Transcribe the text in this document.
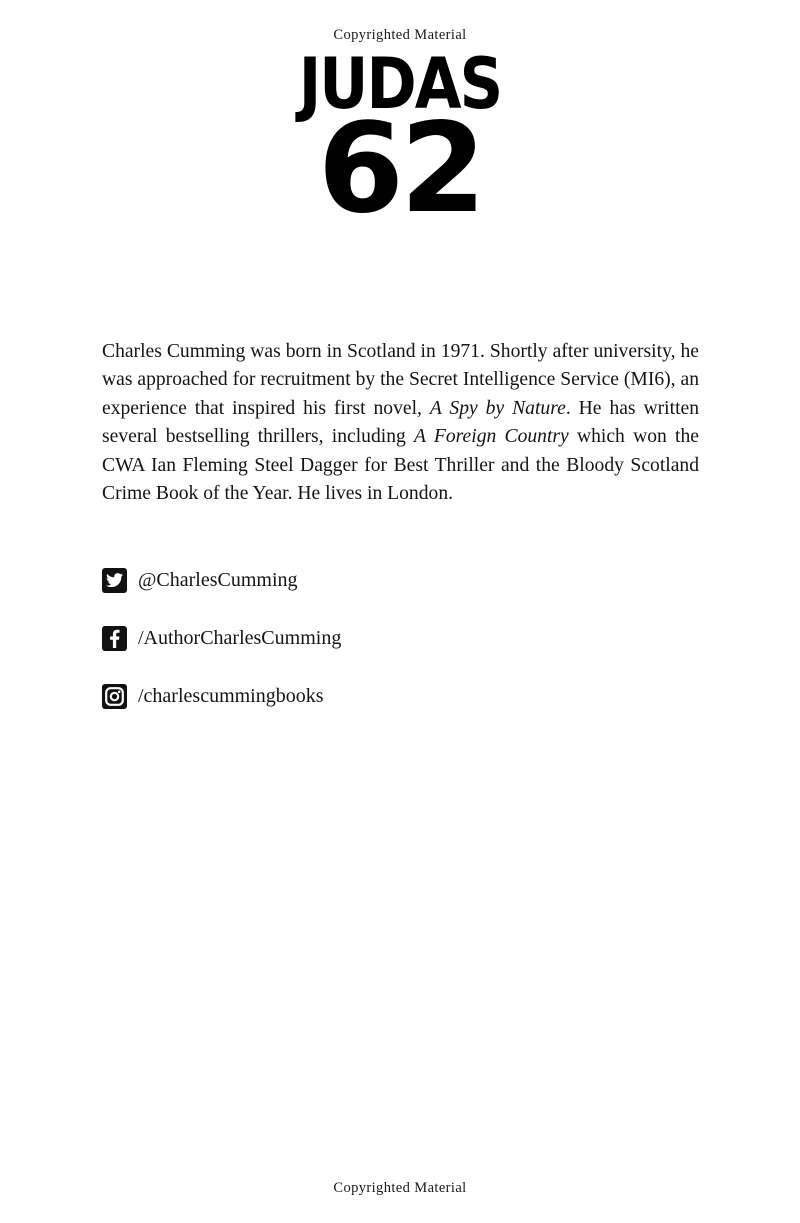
Copyrighted Material
JUDAS
62
Charles Cumming was born in Scotland in 1971. Shortly after university, he was approached for recruitment by the Secret Intelligence Service (MI6), an experience that inspired his first novel, A Spy by Nature. He has written several bestselling thrillers, including A Foreign Country which won the CWA Ian Fleming Steel Dagger for Best Thriller and the Bloody Scotland Crime Book of the Year. He lives in London.
@CharlesCumming
/AuthorCharlesCumming
/charlescummingbooks
Copyrighted Material
